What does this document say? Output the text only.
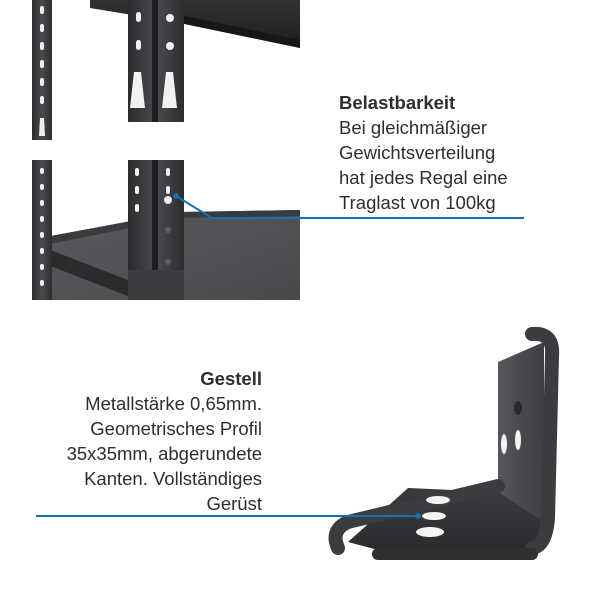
Belastbarkeit
Bei gleichmäßiger
Gewichtsverteilung
hat jedes Regal eine
Traglast von 100kg
Gestell
Metallstärke 0,65mm.
Geometrisches Profil
35x35mm, abgerundete
Kanten. Vollständiges
Gerüst
